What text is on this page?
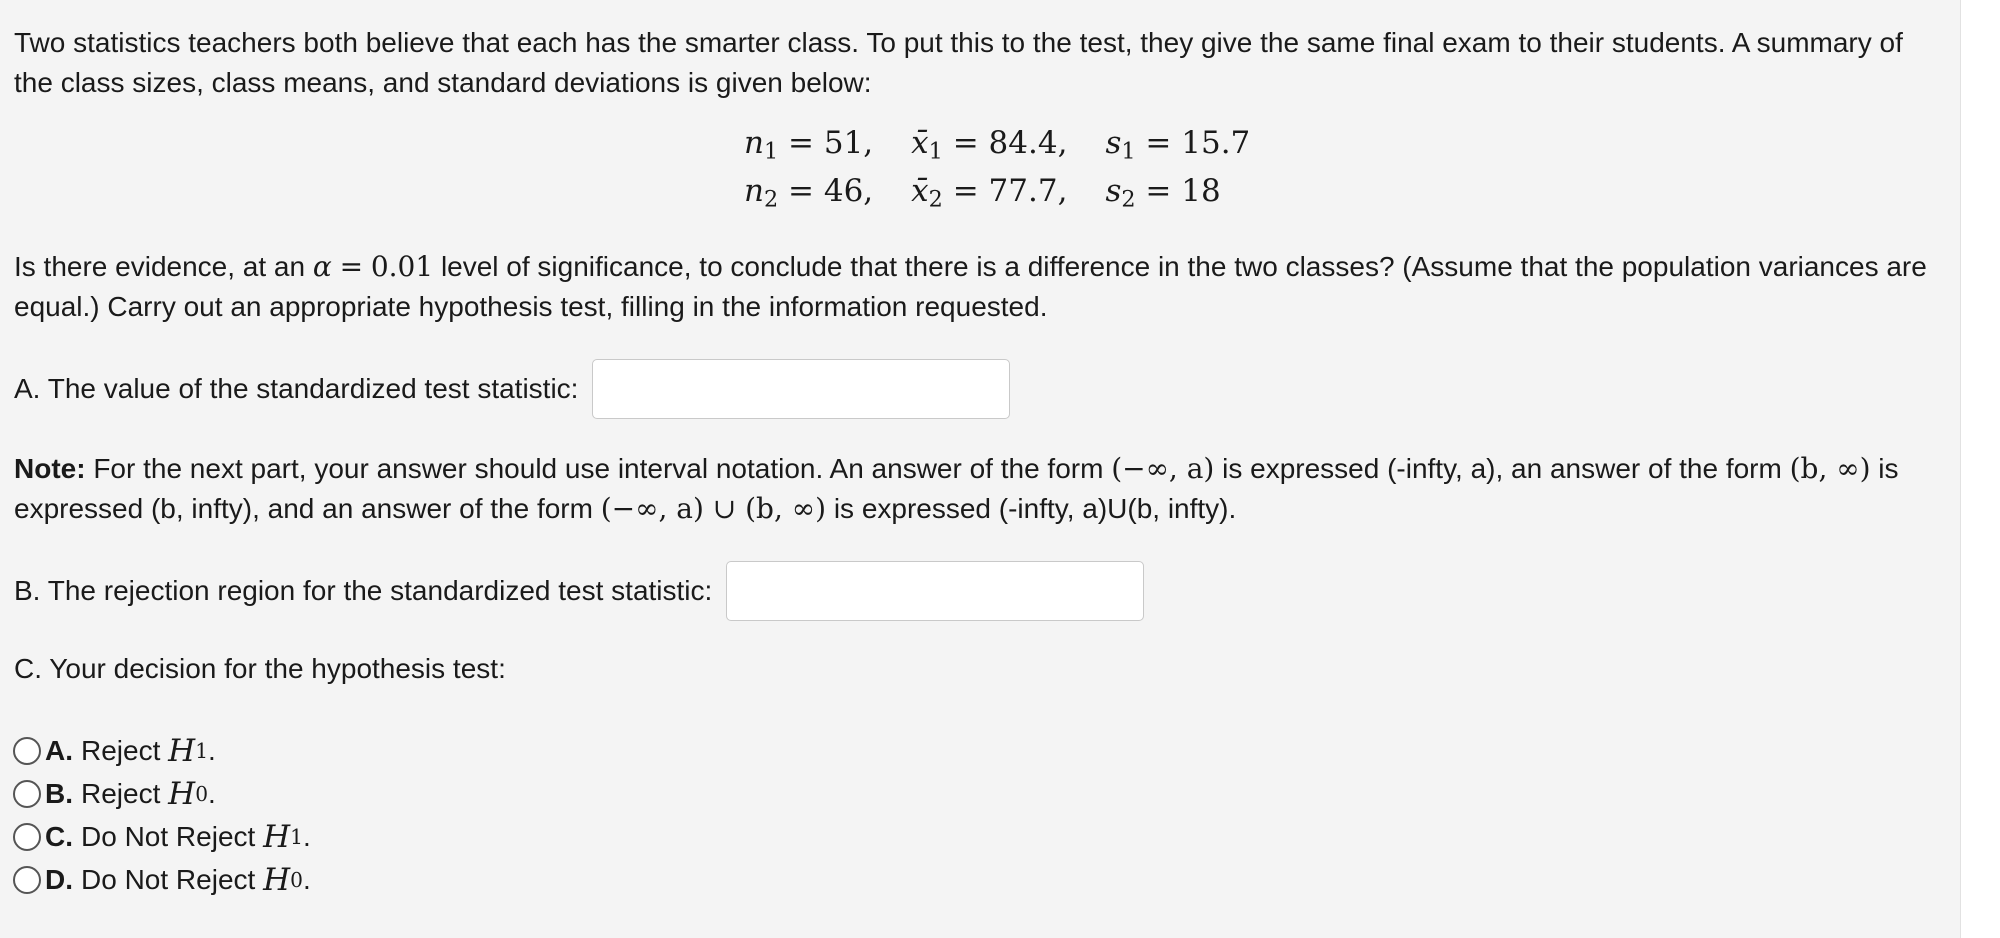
Two statistics teachers both believe that each has the smarter class. To put this to the test, they give the same final exam to their students. A summary of the class sizes, class means, and standard deviations is given below:

$n_1 = 51$,	$x̄_1 = 84.4$,	$s_1 = 15.7$
$n_2 = 46$,	$x̄_2 = 77.7$,	$s_2 = 18$

Is there evidence, at an α = 0.01 level of significance, to conclude that there is a difference in the two classes? (Assume that the population variances are equal.) Carry out an appropriate hypothesis test, filling in the information requested.

A. The value of the standardized test statistic:

Note: For the next part, your answer should use interval notation. An answer of the form (−∞, a) is expressed (-infty, a), an answer of the form (b, ∞) is expressed (b, infty), and an answer of the form (−∞, a) ∪ (b, ∞) is expressed (-infty, a)U(b, infty).

B. The rejection region for the standardized test statistic:

C. Your decision for the hypothesis test:

A. Reject
H 1 .
B. Reject
H 0 .
C. Do Not Reject
H 1 .
D. Do Not Reject
H 0 .
